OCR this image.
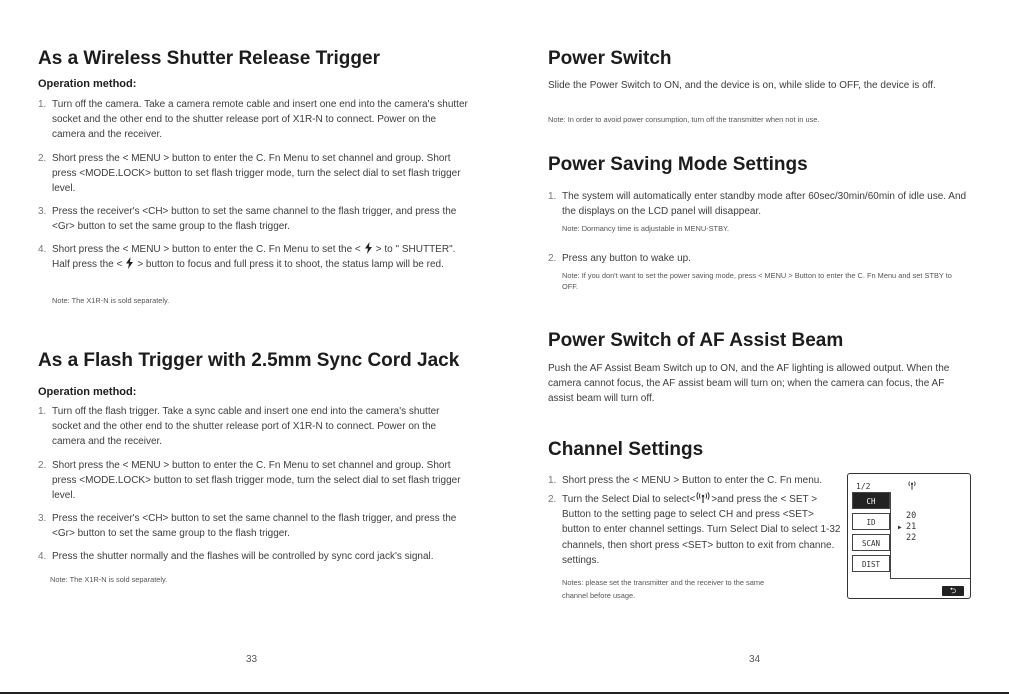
As a Wireless Shutter Release Trigger
Operation method:
1. Turn off the camera. Take a camera remote cable and insert one end into the camera's shutter socket and the other end to the shutter release port of X1R-N to connect. Power on the camera and the receiver.
2. Short press the < MENU > button to enter the C. Fn Menu to set channel and group. Short press <MODE.LOCK> button to set flash trigger mode, turn the select dial to set flash trigger level.
3. Press the receiver's <CH> button to set the same channel to the flash trigger, and press the <Gr> button to set the same group to the flash trigger.
4. Short press the < MENU > button to enter the C. Fn Menu to set the < > to " SHUTTER". Half press the < > button to focus and full press it to shoot, the status lamp will be red.
Note: The X1R-N is sold separately.
As a Flash Trigger with 2.5mm Sync Cord Jack
Operation method:
1. Turn off the flash trigger. Take a sync cable and insert one end into the camera's shutter socket and the other end to the shutter release port of X1R-N to connect. Power on the camera and the receiver.
2. Short press the < MENU > button to enter the C. Fn Menu to set channel and group. Short press <MODE.LOCK> button to set flash trigger mode, turn the select dial to set flash trigger level.
3. Press the receiver's <CH> button to set the same channel to the flash trigger, and press the <Gr> button to set the same group to the flash trigger.
4. Press the shutter normally and the flashes will be controlled by sync cord jack's signal.
Note: The X1R-N is sold separately.
33
Power Switch
Slide the Power Switch to ON, and the device is on, while slide to OFF, the device is off.
Note: In order to avoid power consumption, turn off the transmitter when not in use.
Power Saving Mode Settings
1. The system will automatically enter standby mode after 60sec/30min/60min of idle use. And the displays on the LCD panel will disappear.
Note: Dormancy time is adjustable in MENU-STBY.
2. Press any button to wake up.
Note: If you don't want to set the power saving mode, press < MENU > Button to enter the C. Fn Menu and set STBY to OFF.
Power Switch of AF Assist Beam
Push the AF Assist Beam Switch up to ON, and the AF lighting is allowed output. When the camera cannot focus, the AF assist beam will turn on; when the camera can focus, the AF assist beam will turn off.
Channel Settings
1. Short press the < MENU > Button to enter the C. Fn menu.
2. Turn the Select Dial to select< >and press the < SET > Button to the setting page to select CH and press <SET> button to enter channel settings. Turn Select Dial to select 1-32 channels, then short press <SET> button to exit from channe. settings.
Notes: please set the transmitter and the receiver to the same
channel before usage.
1/2
CH
ID
SCAN
DIST
20
▶ 21
22
⮌
34
